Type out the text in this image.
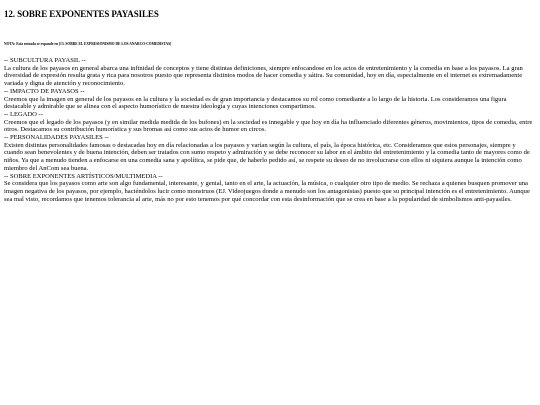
12. SOBRE EXPONENTES PAYASILES
NOTA: Esta entrada se expande en [13. SOBRE EL EXPRESIONISMO DE LOS ANARCO-COMEDISTAS]
-- SUBCULTURA PAYASIL --
La cultura de los payasos en general abarca una infinidad de conceptos y tiene distintas definiciones, siempre enfocandose en los actos de entretenimiento y la comedia en base a los payasos. La gran diversidad de expresión resulta grata y rica para nosotros puesto que representa distintos modos de hacer comedia y sátira. Su comunidad, hoy en día, especialmente en el internet es extremadamente variada y digna de atención y reconocimiento.
-- IMPACTO DE PAYASOS --
Creemos que la imagen en general de los payasos en la cultura y la sociedad es de gran importancia y destacamos su rol como comediante a lo largo de la historia. Los consideramos una figura destacable y admirable que se alinea con el aspecto humorístico de nuestra ideología y cuyas intenciones compartimos.
-- LEGADO --
Creemos que el legado de los payasos (y en similar medida medida de los bufones) en la sociedad es innegable y que hoy en día ha influenciado diferentes géneros, movimientos, tipos de comedia, entre otros. Destacamos su contribución humorística y sus bromas así como sus actos de humor en circos.
-- PERSONALIDADES PAYASILES --
Existen distintas personalidades famosas o destacadas hoy en día relacionadas a los payasos y varían según la cultura, el país, la época histórica, etc. Consideramos que estos personajes, siempre y cuando sean benevolentes y de buena intención, deben ser tratados con sumo respeto y admiración y se debe reconocer su labor en el ámbito del entretenimiento y la comedia tanto de mayores como de niños. Ya que a menudo tienden a enfocarse en una comedia sana y apolítica, se pide que, de haberlo pedido así, se respete su deseo de no involucrarse con ellos ni siquiera aunque la intención como miembro del AnCom sea buena.
-- SOBRE EXPONENTES ARTÍSTICOS/MULTIMEDIA --
Se considera que los payasos como arte son algo fundamental, interesante, y genial, tanto en el arte, la actuación, la música, o cualquier otro tipo de medio. Se rechaza a quienes busquen promover una imagen negativa de los payasos, por ejemplo, haciéndolos lucir como monstruos (EJ. Videojuegos donde a menudo son los antagonistas) puesto que su principal intención es el entretenimiento. Aunque sea mal visto, recordamos que tenemos tolerancia al arte, más no por esto tenemos por qué concordar con esta desinformación que se crea en base a la popularidad de simbolismos anti-payasiles.
